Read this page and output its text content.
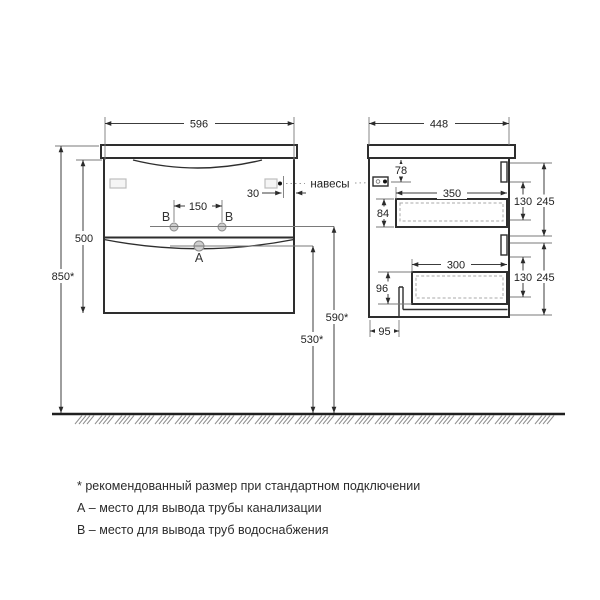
В	В
А
596
850*
500
150
30
590*
530*
навесы
448
78
350
84
300
96
95
130 245
130 245

* рекомендованный размер при стандартном подключении

А – место для вывода трубы канализации

В – место для вывода труб водоснабжения
